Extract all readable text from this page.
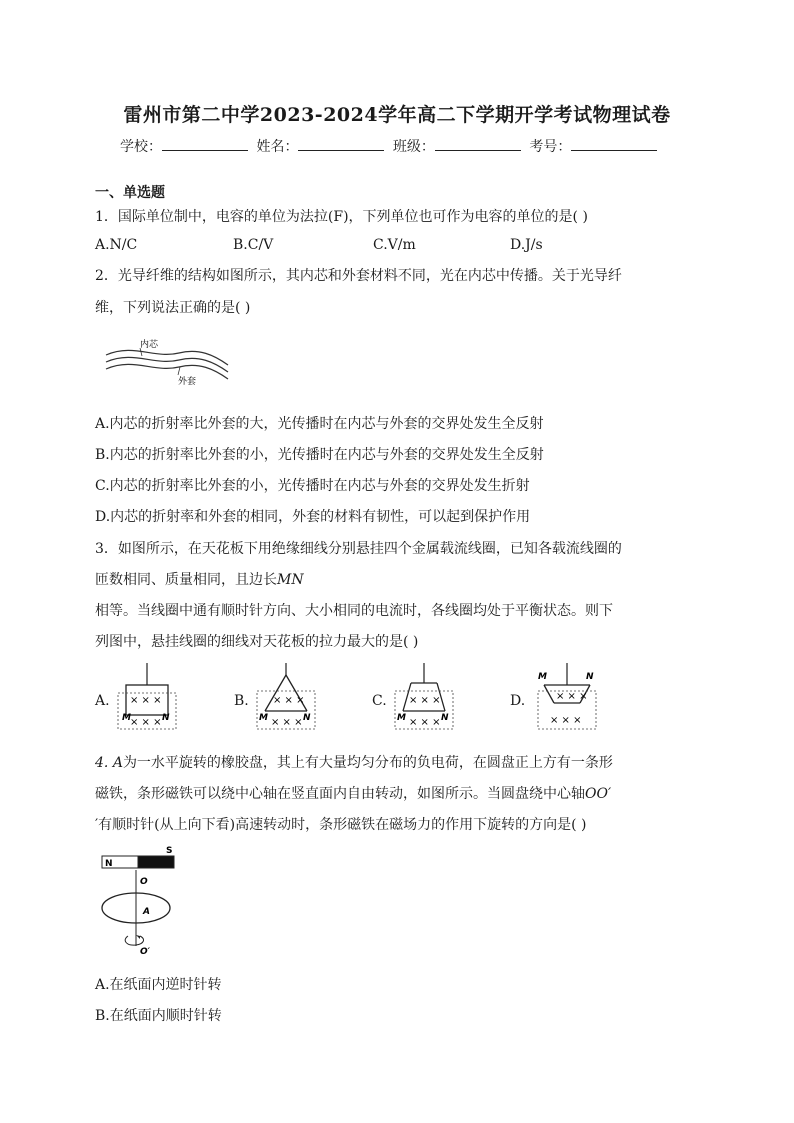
雷州市第二中学2023-2024学年高二下学期开学考试物理试卷
学校：	姓名：	班级：	考号：
一、单选题
1．国际单位制中，电容的单位为法拉(F)，下列单位也可作为电容的单位的是( )
A.N/C	B.C/V	C.V/m	D.J/s
2．光导纤维的结构如图所示，其内芯和外套材料不同，光在内芯中传播。关于光导纤
维，下列说法正确的是( )
内芯
外套
A.内芯的折射率比外套的大，光传播时在内芯与外套的交界处发生全反射
B.内芯的折射率比外套的小，光传播时在内芯与外套的交界处发生全反射
C.内芯的折射率比外套的小，光传播时在内芯与外套的交界处发生折射
D.内芯的折射率和外套的相同，外套的材料有韧性，可以起到保护作用
3．如图所示，在天花板下用绝缘细线分别悬挂四个金属载流线圈，已知各载流线圈的
匝数相同、质量相同，且边长MN
相等。当线圈中通有顺时针方向、大小相同的电流时，各线圈均处于平衡状态。则下
列图中，悬挂线圈的细线对天花板的拉力最大的是( )
A. × × ×
M	N
× × ×
B. × × ×
M	N
× × ×
C. × × ×
M	N
× × ×
D.
M	N
× × ×
× × ×
4. A为一水平旋转的橡胶盘，其上有大量均匀分布的负电荷，在圆盘正上方有一条形
磁铁，条形磁铁可以绕中心轴在竖直面内自由转动，如图所示。当圆盘绕中心轴OO′
′有顺时针(从上向下看)高速转动时，条形磁铁在磁场力的作用下旋转的方向是( )
N
S
O
A
O′
A.在纸面内逆时针转
B.在纸面内顺时针转
